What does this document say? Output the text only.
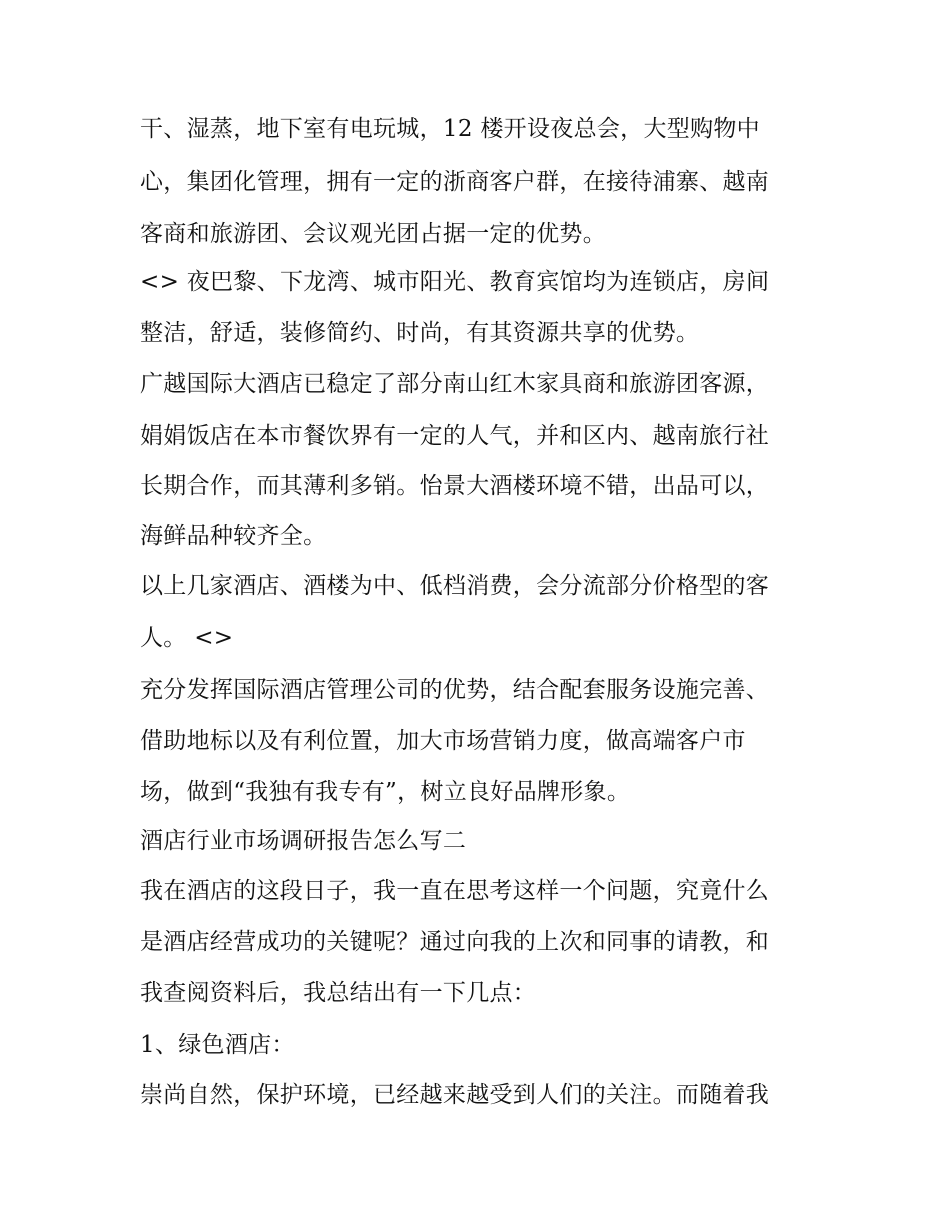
干、湿蒸，地下室有电玩城，12 楼开设夜总会，大型购物中
心，集团化管理，拥有一定的浙商客户群，在接待浦寨、越南
客商和旅游团、会议观光团占据一定的优势。
<> 夜巴黎、下龙湾、城市阳光、教育宾馆均为连锁店，房间
整洁，舒适，装修简约、时尚，有其资源共享的优势。
广越国际大酒店已稳定了部分南山红木家具商和旅游团客源，
娟娟饭店在本市餐饮界有一定的人气，并和区内、越南旅行社
长期合作，而其薄利多销。怡景大酒楼环境不错，出品可以，
海鲜品种较齐全。
以上几家酒店、酒楼为中、低档消费，会分流部分价格型的客
人。 <>
充分发挥国际酒店管理公司的优势，结合配套服务设施完善、
借助地标以及有利位置，加大市场营销力度，做高端客户市
场，做到“我独有我专有”，树立良好品牌形象。
酒店行业市场调研报告怎么写二
我在酒店的这段日子，我一直在思考这样一个问题，究竟什么
是酒店经营成功的关键呢？通过向我的上次和同事的请教，和
我查阅资料后，我总结出有一下几点：
1、绿色酒店：
崇尚自然，保护环境，已经越来越受到人们的关注。而随着我
